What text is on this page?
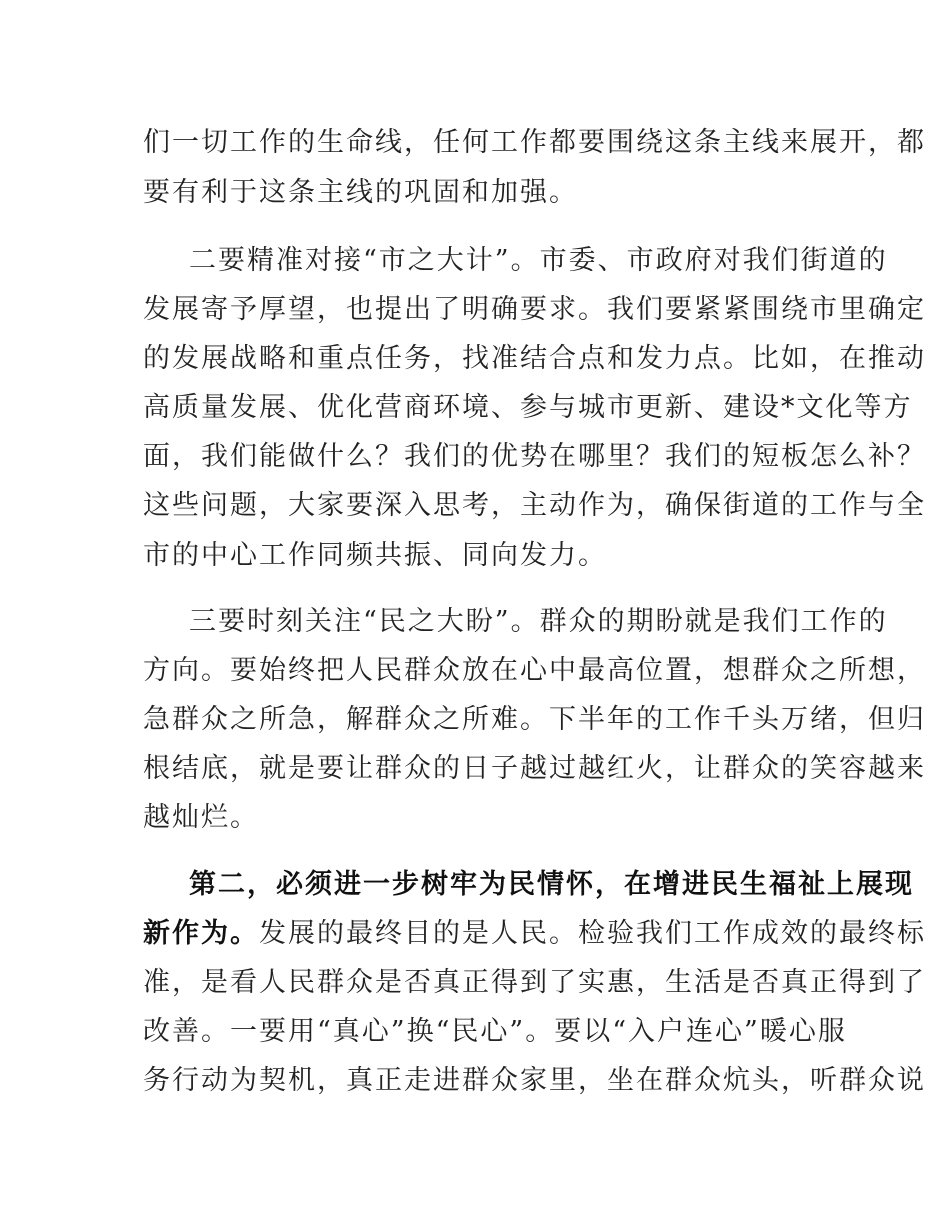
们一切工作的生命线，任何工作都要围绕这条主线来展开，都
要有利于这条主线的巩固和加强。
二要精准对接“市之大计”。市委、市政府对我们街道的
发展寄予厚望，也提出了明确要求。我们要紧紧围绕市里确定
的发展战略和重点任务，找准结合点和发力点。比如，在推动
高质量发展、优化营商环境、参与城市更新、建设*文化等方
面，我们能做什么？我们的优势在哪里？我们的短板怎么补？
这些问题，大家要深入思考，主动作为，确保街道的工作与全
市的中心工作同频共振、同向发力。
三要时刻关注“民之大盼”。群众的期盼就是我们工作的
方向。要始终把人民群众放在心中最高位置，想群众之所想，
急群众之所急，解群众之所难。下半年的工作千头万绪，但归
根结底，就是要让群众的日子越过越红火，让群众的笑容越来
越灿烂。
第二，必须进一步树牢为民情怀，在增进民生福祉上展现
新作为。发展的最终目的是人民。检验我们工作成效的最终标
准，是看人民群众是否真正得到了实惠，生活是否真正得到了
改善。一要用“真心”换“民心”。要以“入户连心”暖心服
务行动为契机，真正走进群众家里，坐在群众炕头，听群众说
